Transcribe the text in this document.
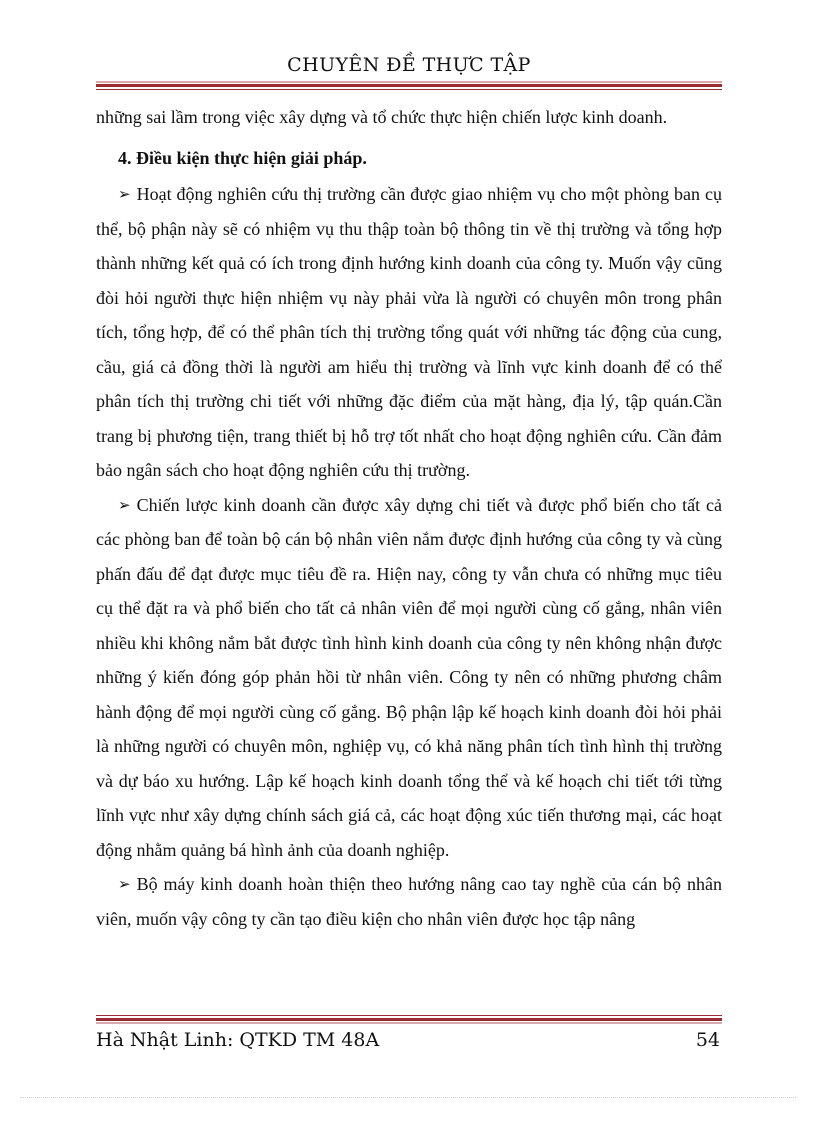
CHUYÊN ĐỀ THỰC TẬP

những sai lầm trong việc xây dựng và tổ chức thực hiện chiến lược kinh doanh.

4. Điều kiện thực hiện giải pháp.

➢ Hoạt động nghiên cứu thị trường cần được giao nhiệm vụ cho một phòng ban cụ thể, bộ phận này sẽ có nhiệm vụ thu thập toàn bộ thông tin về thị trường và tổng hợp thành những kết quả có ích trong định hướng kinh doanh của công ty. Muốn vậy cũng đòi hỏi người thực hiện nhiệm vụ này phải vừa là người có chuyên môn trong phân tích, tổng hợp, để có thể phân tích thị trường tổng quát với những tác động của cung, cầu, giá cả đồng thời là người am hiểu thị trường và lĩnh vực kinh doanh để có thể phân tích thị trường chi tiết với những đặc điểm của mặt hàng, địa lý, tập quán.Cần trang bị phương tiện, trang thiết bị hỗ trợ tốt nhất cho hoạt động nghiên cứu. Cần đảm bảo ngân sách cho hoạt động nghiên cứu thị trường.

➢ Chiến lược kinh doanh cần được xây dựng chi tiết và được phổ biến cho tất cả các phòng ban để toàn bộ cán bộ nhân viên nắm được định hướng của công ty và cùng phấn đấu để đạt được mục tiêu đề ra. Hiện nay, công ty vẫn chưa có những mục tiêu cụ thể đặt ra và phổ biến cho tất cả nhân viên để mọi người cùng cố gắng, nhân viên nhiều khi không nắm bắt được tình hình kinh doanh của công ty nên không nhận được những ý kiến đóng góp phản hồi từ nhân viên. Công ty nên có những phương châm hành động để mọi người cùng cố gắng. Bộ phận lập kế hoạch kinh doanh đòi hỏi phải là những người có chuyên môn, nghiệp vụ, có khả năng phân tích tình hình thị trường và dự báo xu hướng. Lập kế hoạch kinh doanh tổng thể và kế hoạch chi tiết tới từng lĩnh vực như xây dựng chính sách giá cả, các hoạt động xúc tiến thương mại, các hoạt động nhằm quảng bá hình ảnh của doanh nghiệp.

➢ Bộ máy kinh doanh hoàn thiện theo hướng nâng cao tay nghề của cán bộ nhân viên, muốn vậy công ty cần tạo điều kiện cho nhân viên được học tập nâng

Hà Nhật Linh: QTKD TM 48A	54
